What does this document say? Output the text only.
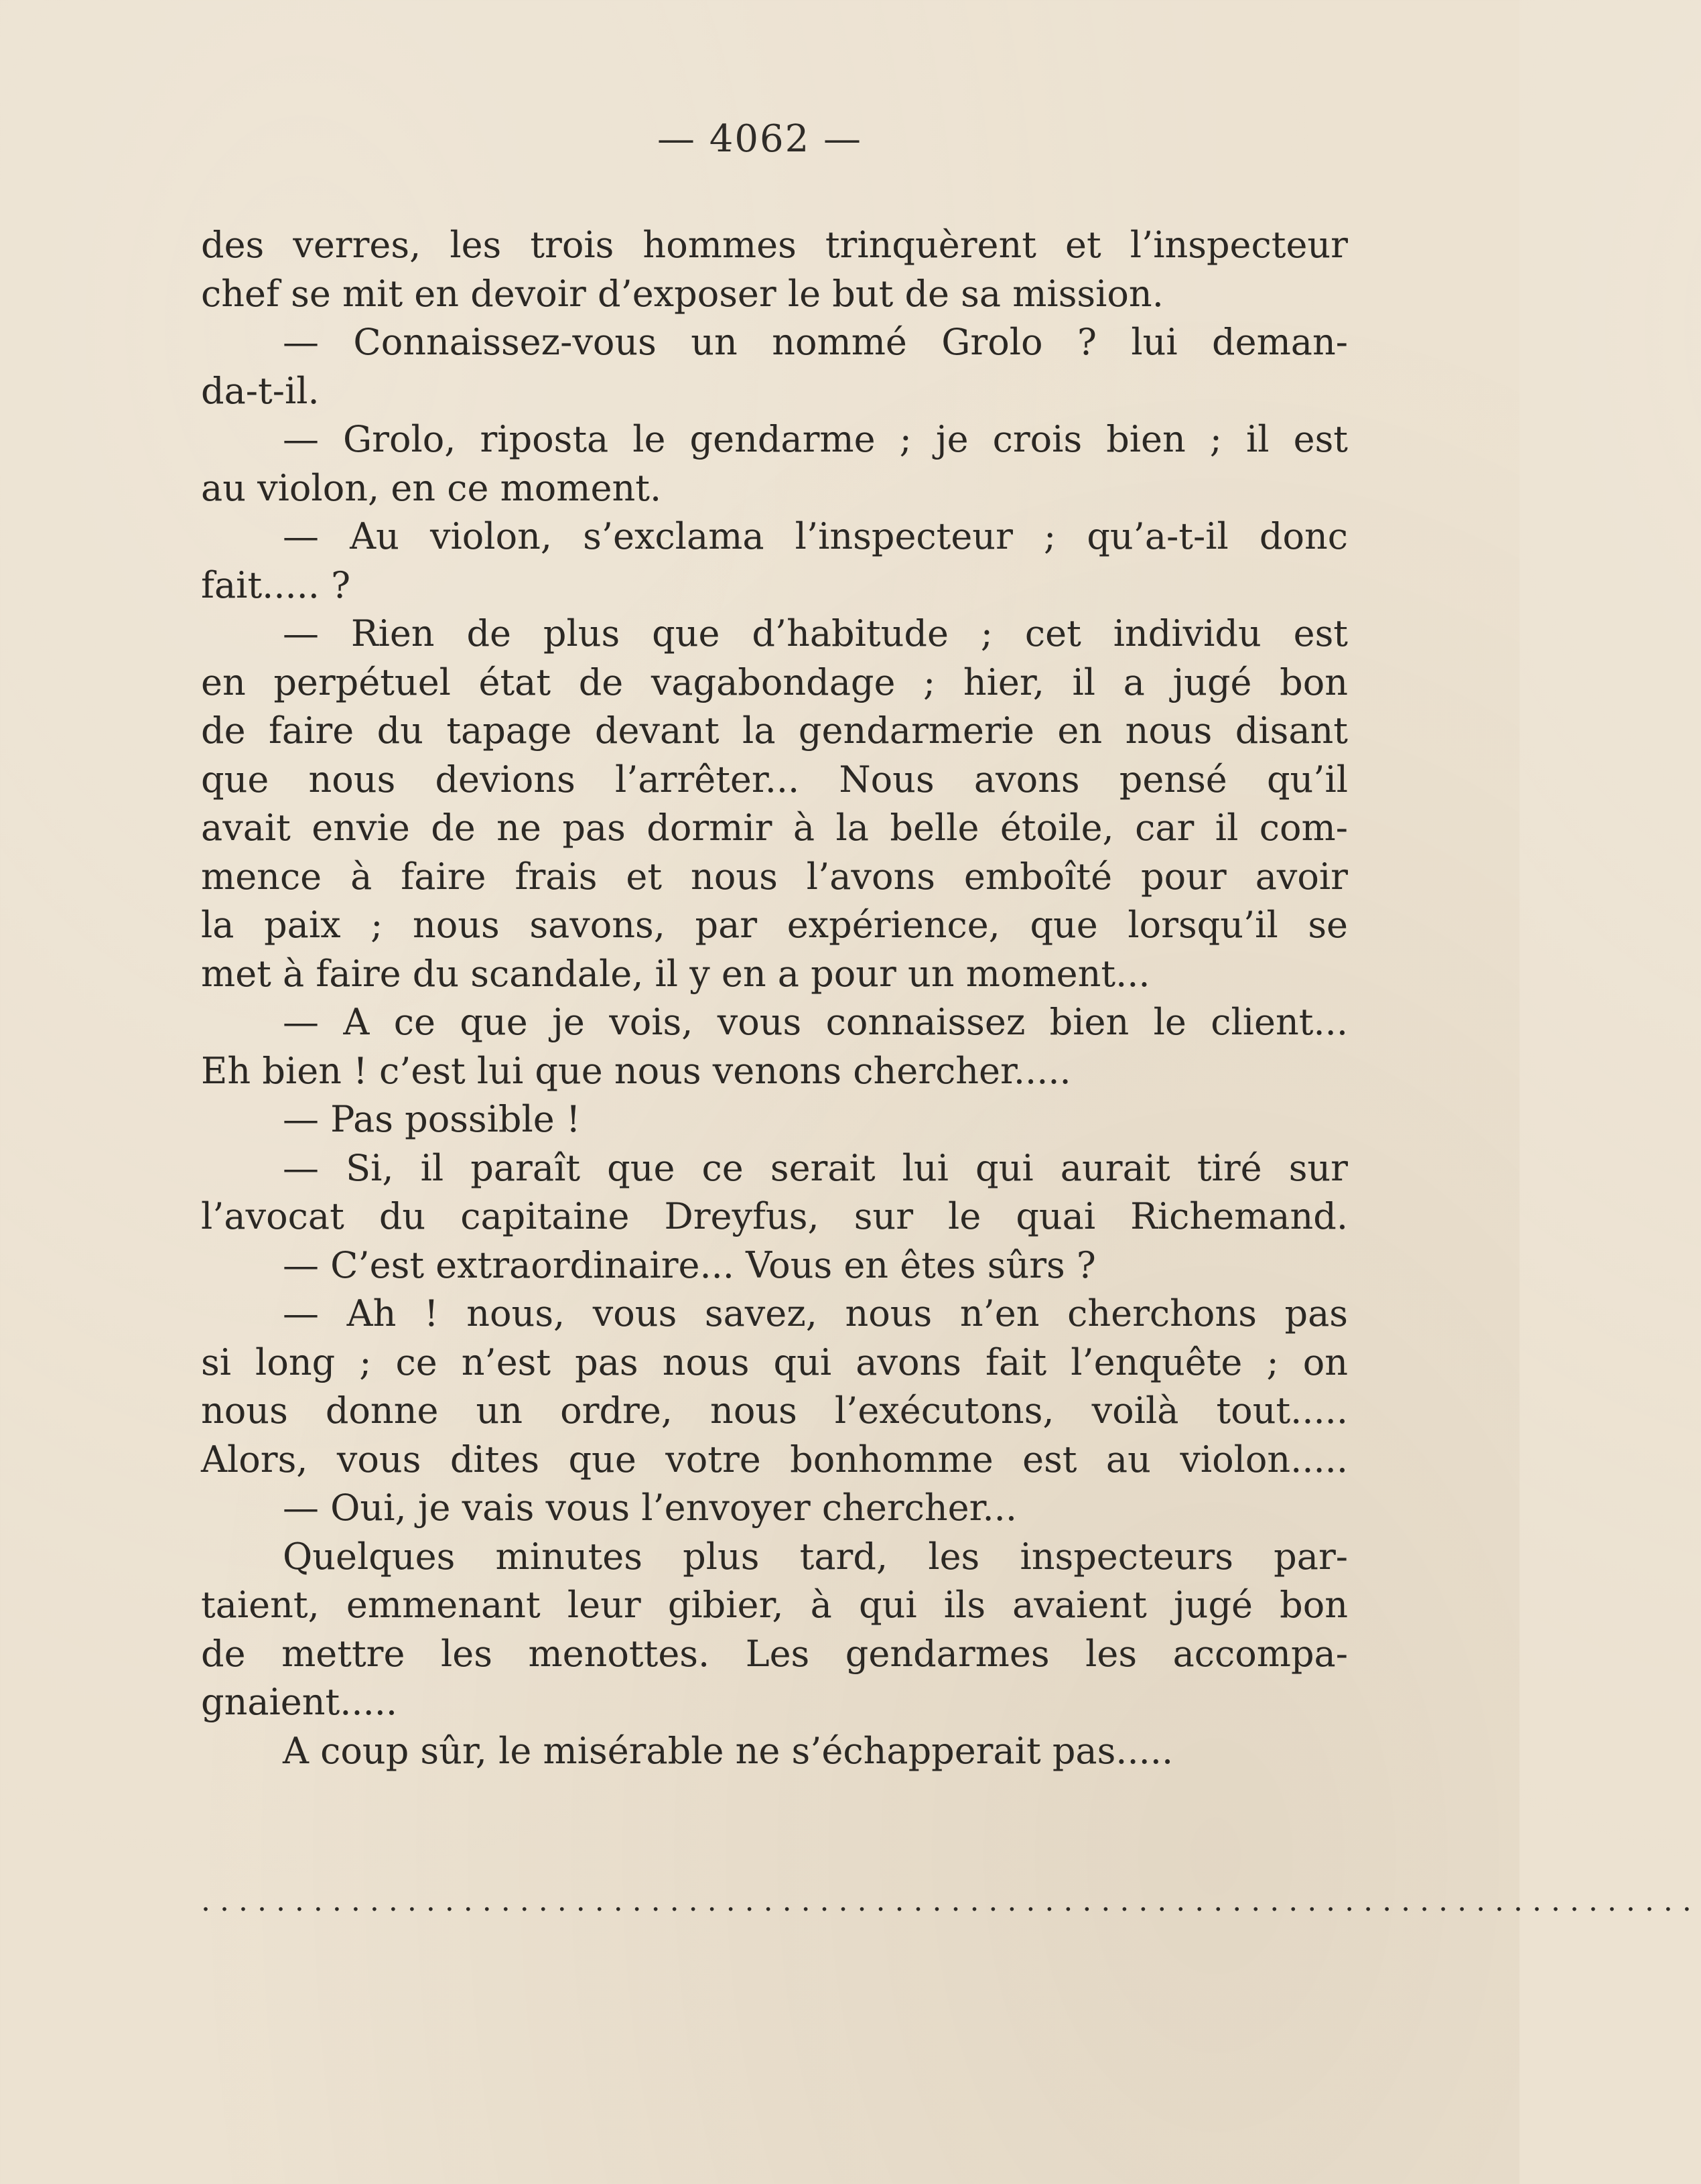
— 4062 —
des verres, les trois hommes trinquèrent et l’inspecteur
chef se mit en devoir d’exposer le but de sa mission.
— Connaissez-vous un nommé Grolo ? lui deman-
da-t-il.
— Grolo, riposta le gendarme ; je crois bien ; il est
au violon, en ce moment.
— Au violon, s’exclama l’inspecteur ; qu’a-t-il donc
fait..... ?
— Rien de plus que d’habitude ; cet individu est
en perpétuel état de vagabondage ; hier, il a jugé bon
de faire du tapage devant la gendarmerie en nous disant
que nous devions l’arrêter... Nous avons pensé qu’il
avait envie de ne pas dormir à la belle étoile, car il com-
mence à faire frais et nous l’avons emboîté pour avoir
la paix ; nous savons, par expérience, que lorsqu’il se
met à faire du scandale, il y en a pour un moment...
— A ce que je vois, vous connaissez bien le client...
Eh bien ! c’est lui que nous venons chercher.....
— Pas possible !
— Si, il paraît que ce serait lui qui aurait tiré sur
l’avocat du capitaine Dreyfus, sur le quai Richemand.
— C’est extraordinaire... Vous en êtes sûrs ?
— Ah ! nous, vous savez, nous n’en cherchons pas
si long ; ce n’est pas nous qui avons fait l’enquête ; on
nous donne un ordre, nous l’exécutons, voilà tout.....
Alors, vous dites que votre bonhomme est au violon.....
— Oui, je vais vous l’envoyer chercher...
Quelques minutes plus tard, les inspecteurs par-
taient, emmenant leur gibier, à qui ils avaient jugé bon
de mettre les menottes. Les gendarmes les accompa-
gnaient.....
A coup sûr, le misérable ne s’échapperait pas.....
................................................................................
